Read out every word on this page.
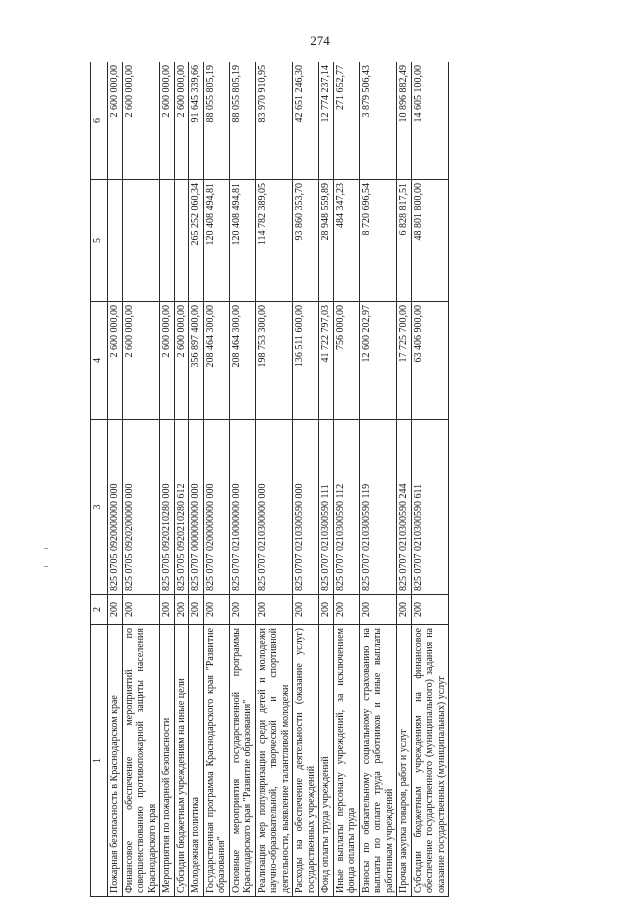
274
1	2	3	4	5	6
Пожарная безопасность в Краснодарском крае	200	825 0705 0920000000 000	2 600 000,00		2 600 000,00

Финансовое обеспечение мероприятий по совершенствованию противопожарной защиты населения Краснодарского края	200	825 0705 0920200000 000	2 600 000,00		2 600 000,00

Мероприятия по пожарной безопасности	200	825 0705 0920210280 000	2 600 000,00		2 600 000,00

Субсидии бюджетным учреждениям на иные цели	200	825 0705 0920210280 612	2 600 000,00		2 600 000,00

Молодежная политика	200	825 0707 0000000000 000	356 897 400,00	265 252 060,34	91 645 339,66

Государственная программа Краснодарского края "Развитие образования"	200	825 0707 0200000000 000	208 464 300,00	120 408 494,81	88 055 805,19

Основные мероприятия государственной программы Краснодарского края "Развитие образования"	200	825 0707 0210000000 000	208 464 300,00	120 408 494,81	88 055 805,19

Реализация мер популяризации среди детей и молодежи научно-образовательной, творческой и спортивной деятельности, выявление талантливой молодежи	200	825 0707 0210300000 000	198 753 300,00	114 782 389,05	83 970 910,95

Расходы на обеспечение деятельности (оказание услуг) государственных учреждений	200	825 0707 0210300590 000	136 511 600,00	93 860 353,70	42 651 246,30

Фонд оплаты труда учреждений	200	825 0707 0210300590 111	41 722 797,03	28 948 559,89	12 774 237,14

Иные выплаты персоналу учреждений, за исключением фонда оплаты труда	200	825 0707 0210300590 112	756 000,00	484 347,23	271 652,77

Взносы по обязательному социальному страхованию на выплаты по оплате труда работников и иные выплаты работникам учреждений	200	825 0707 0210300590 119	12 600 202,97	8 720 696,54	3 879 506,43

Прочая закупка товаров, работ и услуг	200	825 0707 0210300590 244	17 725 700,00	6 828 817,51	10 896 882,49

Субсидии бюджетным учреждениям на финансовое обеспечение государственного (муниципального) задания на оказание государственных (муниципальных) услуг	200	825 0707 0210300590 611	63 406 900,00	48 801 800,00	14 605 100,00
